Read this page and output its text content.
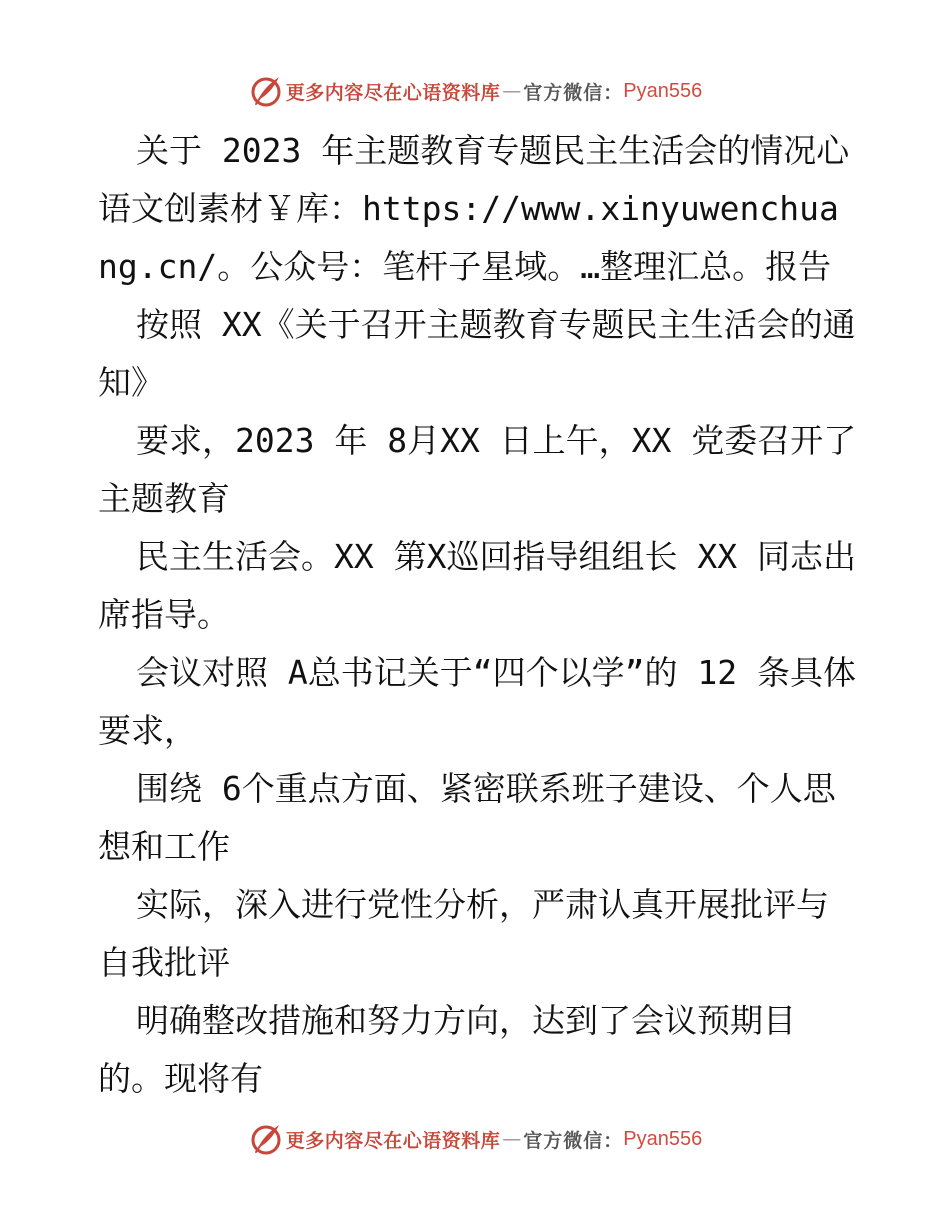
更多内容尽在心语资料库 — 官方微信： Pyan556

关于 2023 年主题教育专题民主生活会的情况心语文创素材￥库：https://www.xinyuwenchuang.cn/。公众号：笔杆子星域。…整理汇总。报告

按照 XX《关于召开主题教育专题民主生活会的通知》

要求，2023 年 8月XX 日上午，XX 党委召开了主题教育

民主生活会。XX 第X巡回指导组组长 XX 同志出席指导。

会议对照 A总书记关于“四个以学”的 12 条具体要求，

围绕 6个重点方面、紧密联系班子建设、个人思想和工作

实际，深入进行党性分析，严肃认真开展批评与自我批评

明确整改措施和努力方向，达到了会议预期目的。现将有

更多内容尽在心语资料库 — 官方微信： Pyan556
